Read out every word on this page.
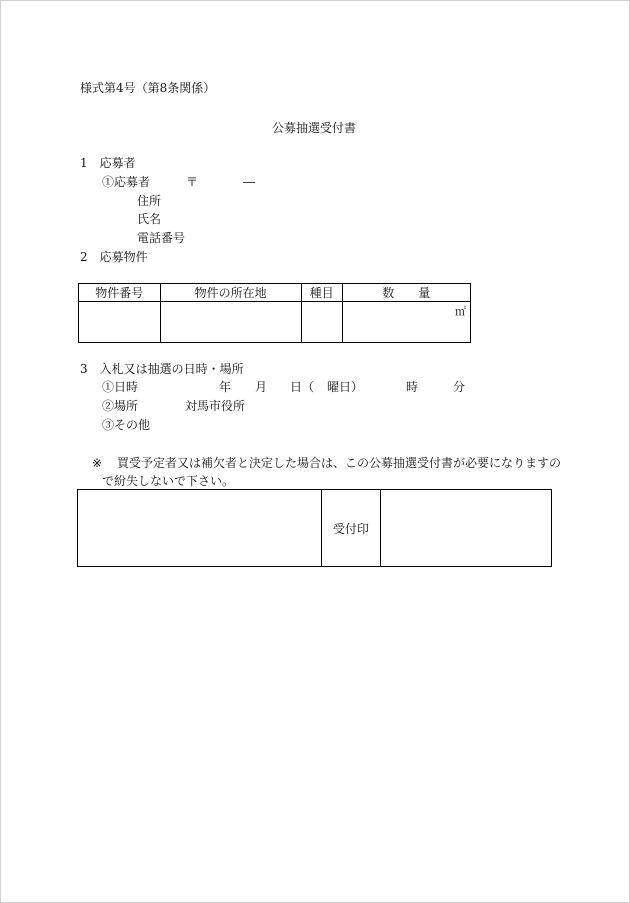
様式第4号（第8条関係）
公募抽選受付書
1　応募者
①応募者	〒	―
住所
氏名
電話番号
2　応募物件
物件番号	物件の所在地	種目	数　　量

			㎡
3　入札又は抽選の日時・場所
①日時	年 月 日（ 曜日）	時	分
②場所	対馬市役所
③その他
※ 買受予定者又は補欠者と決定した場合は、この公募抽選受付書が必要になりますの
で紛失しないで下さい。
	受付印	
